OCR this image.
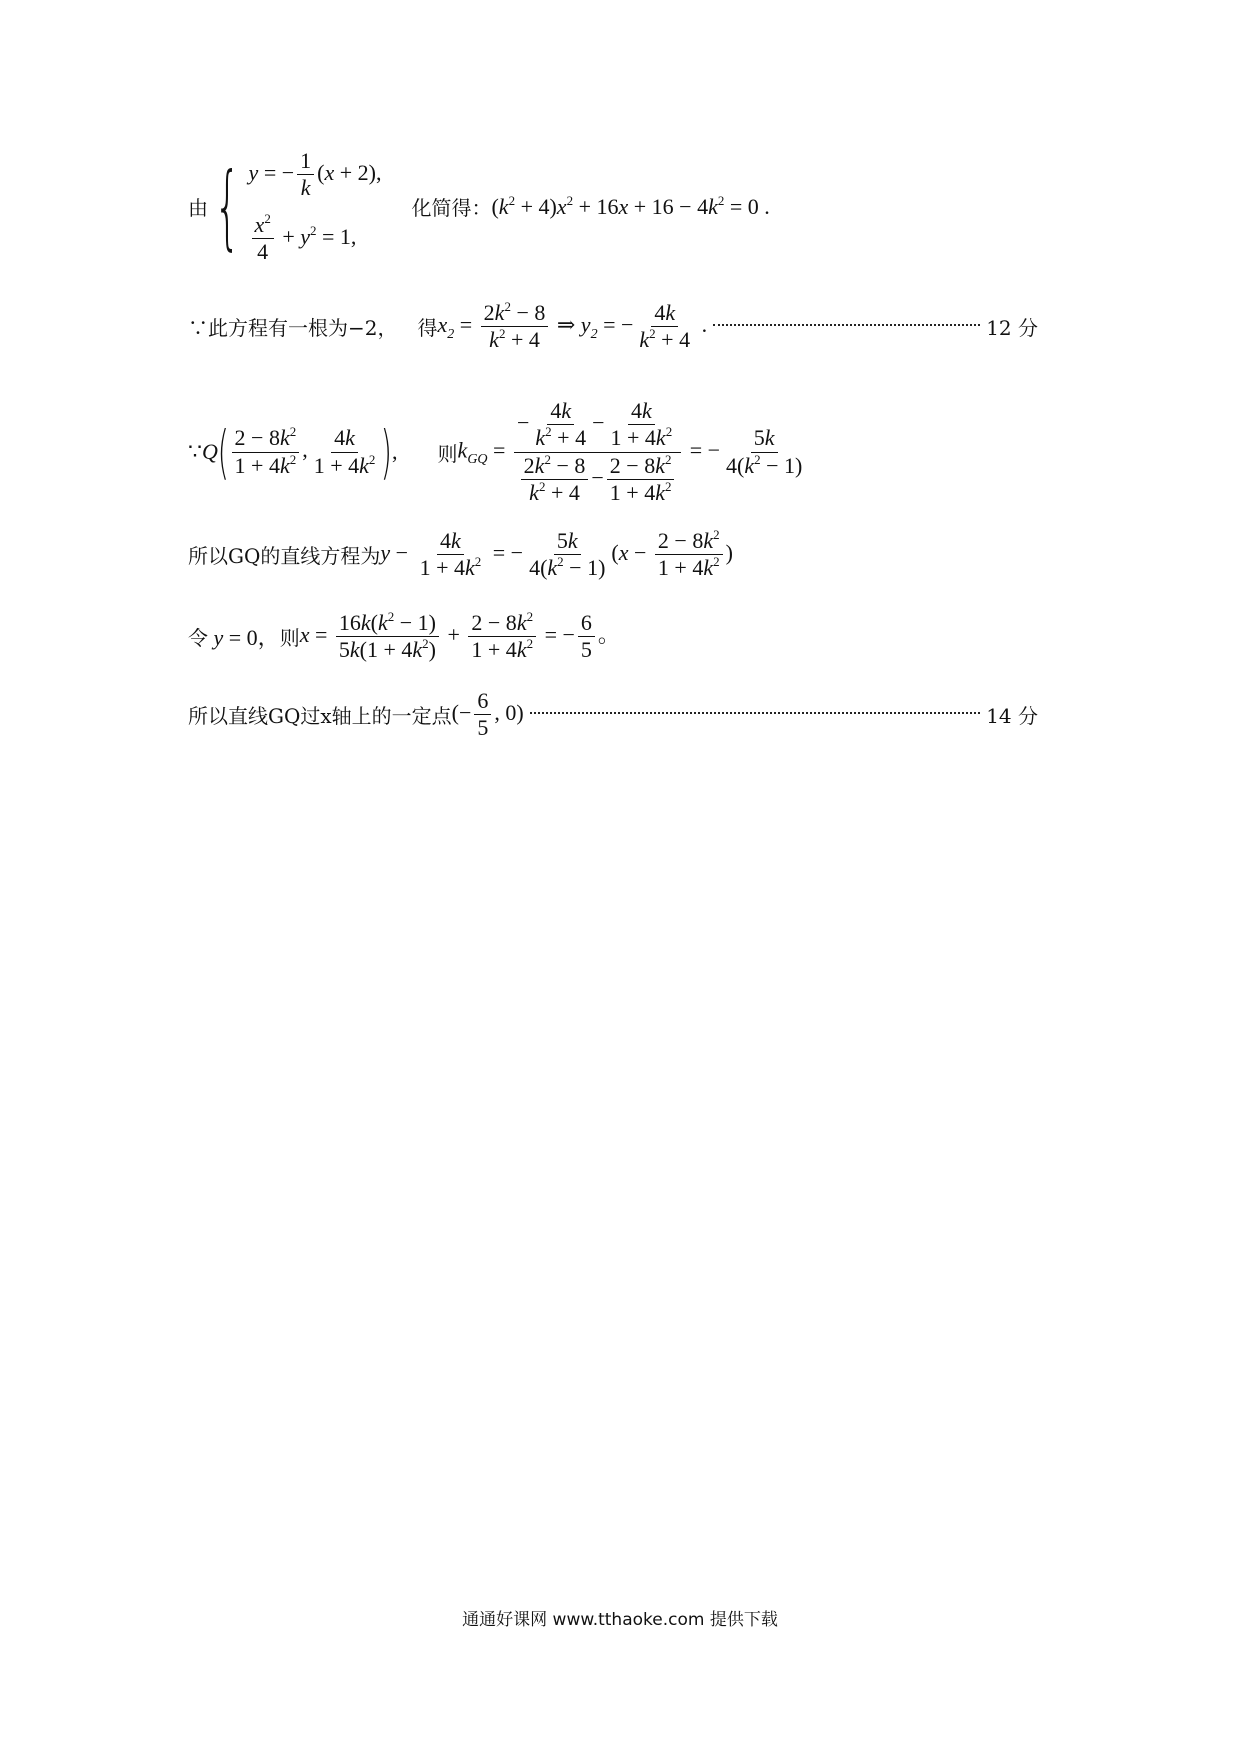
由 { y = − $\frac{1}{k} (x + 2)$,
$\frac{x^2}{4} + y^2 = 1$,
化简得： $(k^2 + 4)x^2 + 16x + 16 - 4k^2 = 0$ .
∵此方程有一根为−2， 得 $x_2 = \frac{2k^2 - 8}{k^2 + 4}$ ⇒ $y_2$ = − $\frac{4k}{k^2 + 4}$ .	12 分
∵Q ( $\frac{2 - 8k^2}{1 + 4k^2}$ , $\frac{4k}{1 + 4k^2}$ ) , 则 $k_{GQ} = \frac{- \frac{4k}{k^2 + 4} - \frac{4k}{1 + 4k^2}}{\frac{2k^2 - 8}{k^2 + 4} - \frac{2 - 8k^2}{1 + 4k^2}}$ = − $\frac{5k}{4(k^2 - 1)}$
所以GQ的直线方程为 $y - \frac{4k}{1 + 4k^2}$ = − $\frac{5k}{4(k^2 - 1)} (x - \frac{2 - 8k^2}{1 + 4k^2}$ )
令 y = 0， 则 $x = \frac{16k(k^2 - 1)}{5k(1 + 4k^2)} + \frac{2 - 8k^2}{1 + 4k^2}$ = − $\frac{6}{5}$ 。
所以直线GQ过x轴上的一定点 (− $\frac{6}{5}$ , 0)	14 分
通通好课网 www.tthaoke.com 提供下载
